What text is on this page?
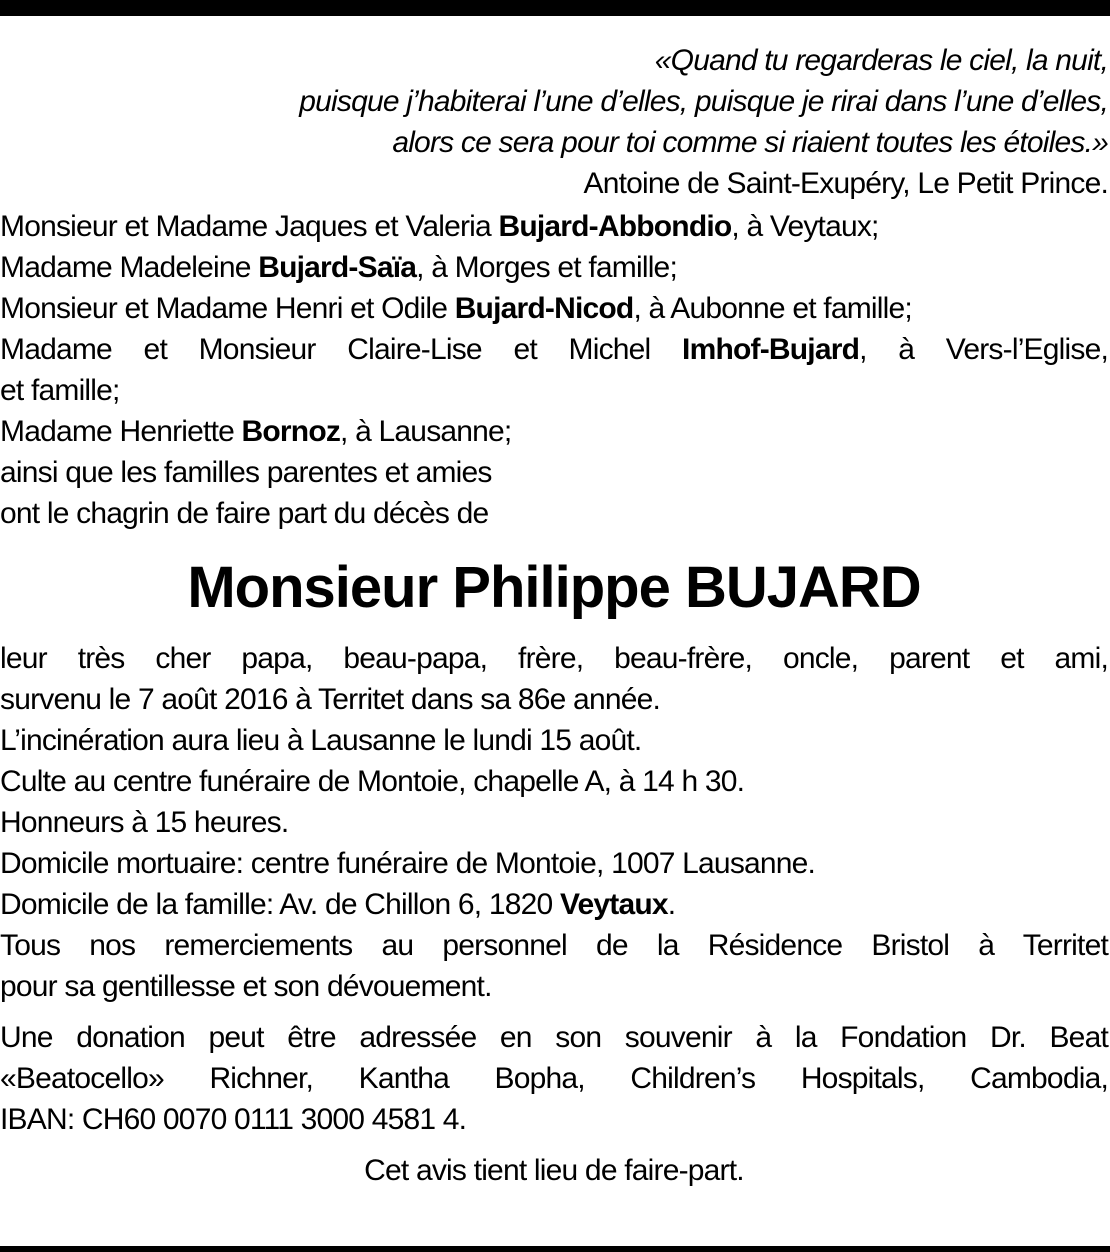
«Quand tu regarderas le ciel, la nuit,
puisque j’habiterai l’une d’elles, puisque je rirai dans l’une d’elles,
alors ce sera pour toi comme si riaient toutes les étoiles.»
Antoine de Saint-Exupéry, Le Petit Prince.
Monsieur et Madame Jaques et Valeria Bujard-Abbondio, à Veytaux;
Madame Madeleine Bujard-Saïa, à Morges et famille;
Monsieur et Madame Henri et Odile Bujard-Nicod, à Aubonne et famille;
Madame et Monsieur Claire-Lise et Michel Imhof-Bujard, à Vers-l’Eglise,
et famille;
Madame Henriette Bornoz, à Lausanne;
ainsi que les familles parentes et amies
ont le chagrin de faire part du décès de
Monsieur Philippe BUJARD
leur très cher papa, beau-papa, frère, beau-frère, oncle, parent et ami,
survenu le 7 août 2016 à Territet dans sa 86e année.
L’incinération aura lieu à Lausanne le lundi 15 août.
Culte au centre funéraire de Montoie, chapelle A, à 14 h 30.
Honneurs à 15 heures.
Domicile mortuaire: centre funéraire de Montoie, 1007 Lausanne.
Domicile de la famille: Av. de Chillon 6, 1820 Veytaux.
Tous nos remerciements au personnel de la Résidence Bristol à Territet
pour sa gentillesse et son dévouement.
Une donation peut être adressée en son souvenir à la Fondation Dr. Beat
«Beatocello» Richner, Kantha Bopha, Children’s Hospitals, Cambodia,
IBAN: CH60 0070 0111 3000 4581 4.
Cet avis tient lieu de faire-part.
